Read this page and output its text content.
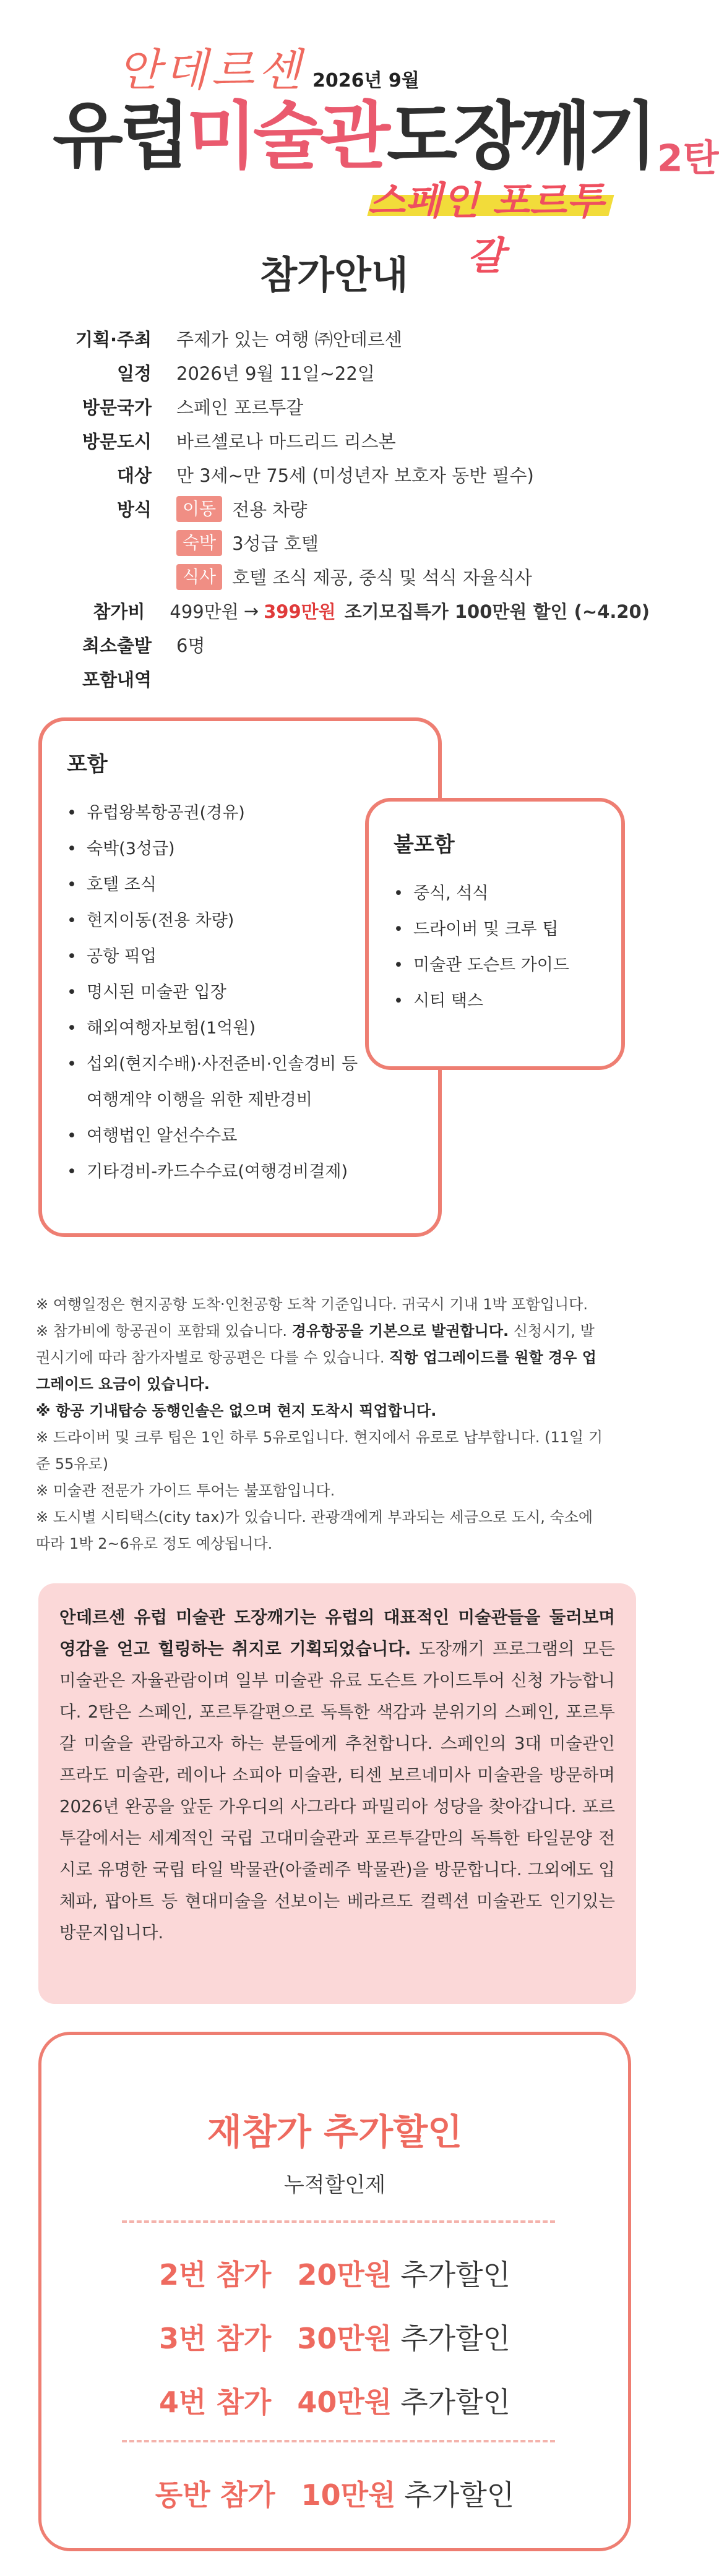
안데르센 2026년 9월
유럽미술관도장깨기 2탄
스페인 포르투갈
참가안내
기획·주최	주제가 있는 여행 ㈜안데르센
일정	2026년 9월 11일~22일
방문국가	스페인 포르투갈
방문도시	바르셀로나 마드리드 리스본
대상	만 3세~만 75세 (미성년자 보호자 동반 필수)
방식	이동 전용 차량
숙박 3성급 호텔
식사 호텔 조식 제공, 중식 및 석식 자율식사
참가비	499만원 → 399만원 조기모집특가 100만원 할인 (~4.20)
최소출발	6명
포함내역
포함
• 유럽왕복항공권(경유)
• 숙박(3성급)
• 호텔 조식
• 현지이동(전용 차량)
• 공항 픽업
• 명시된 미술관 입장
• 해외여행자보험(1억원)
• 섭외(현지수배)·사전준비·인솔경비 등
여행계약 이행을 위한 제반경비
• 여행법인 알선수수료
• 기타경비-카드수수료(여행경비결제)
불포함
• 중식, 석식
• 드라이버 및 크루 팁
• 미술관 도슨트 가이드
• 시티 택스

※ 여행일정은 현지공항 도착·인천공항 도착 기준입니다. 귀국시 기내 1박 포함입니다.

※ 참가비에 항공권이 포함돼 있습니다. 경유항공을 기본으로 발권합니다. 신청시기, 발

권시기에 따라 참가자별로 항공편은 다를 수 있습니다. 직항 업그레이드를 원할 경우 업

그레이드 요금이 있습니다.

※ 항공 기내탑승 동행인솔은 없으며 현지 도착시 픽업합니다.

※ 드라이버 및 크루 팁은 1인 하루 5유로입니다. 현지에서 유로로 납부합니다. (11일 기

준 55유로)

※ 미술관 전문가 가이드 투어는 불포함입니다.

※ 도시별 시티택스(city tax)가 있습니다. 관광객에게 부과되는 세금으로 도시, 숙소에

따라 1박 2~6유로 정도 예상됩니다.

안데르센 유럽 미술관 도장깨기는 유럽의 대표적인 미술관들을 둘러보며 영감을 얻고 힐링하는 취지로 기획되었습니다. 도장깨기 프로그램의 모든 미술관은 자율관람이며 일부 미술관 유료 도슨트 가이드투어 신청 가능합니다. 2탄은 스페인, 포르투갈편으로 독특한 색감과 분위기의 스페인, 포르투갈 미술을 관람하고자 하는 분들에게 추천합니다. 스페인의 3대 미술관인 프라도 미술관, 레이나 소피아 미술관, 티센 보르네미사 미술관을 방문하며 2026년 완공을 앞둔 가우디의 사그라다 파밀리아 성당을 찾아갑니다. 포르투갈에서는 세계적인 국립 고대미술관과 포르투갈만의 독특한 타일문양 전시로 유명한 국립 타일 박물관(아줄레주 박물관)을 방문합니다. 그외에도 입체파, 팝아트 등 현대미술을 선보이는 베라르도 컬렉션 미술관도 인기있는 방문지입니다.
재참가 추가할인
누적할인제
2번 참가 20만원 추가할인
3번 참가 30만원 추가할인
4번 참가 40만원 추가할인
동반 참가 10만원 추가할인
